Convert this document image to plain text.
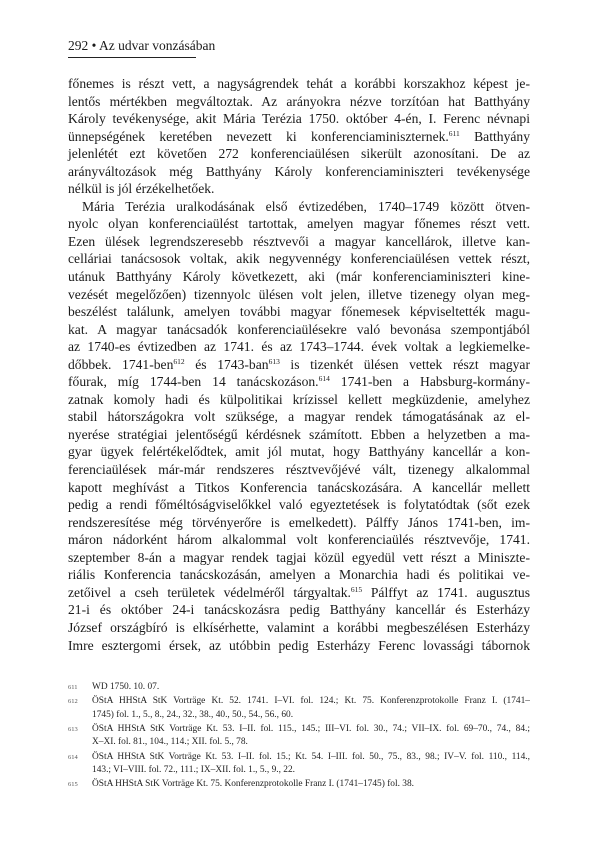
292 • Az udvar vonzásában
főnemes is részt vett, a nagyságrendek tehát a korábbi korszakhoz képest je-
lentős mértékben megváltoztak. Az arányokra nézve torzítóan hat Batthyány
Károly tevékenysége, akit Mária Terézia 1750. október 4-én, I. Ferenc névnapi
ünnepségének keretében nevezett ki konferenciaminiszternek.$^{611}$ Batthyány
jelenlétét ezt követően 272 konferenciaülésen sikerült azonosítani. De az
arányváltozások még Batthyány Károly konferenciaminiszteri tevékenysége
nélkül is jól érzékelhetőek.
Mária Terézia uralkodásának első évtizedében, 1740–1749 között ötven-
nyolc olyan konferenciaülést tartottak, amelyen magyar főnemes részt vett.
Ezen ülések legrendszeresebb résztvevői a magyar kancellárok, illetve kan-
celláriai tanácsosok voltak, akik negyvennégy konferenciaülésen vettek részt,
utánuk Batthyány Károly következett, aki (már konferenciaminiszteri kine-
vezését megelőzően) tizennyolc ülésen volt jelen, illetve tizenegy olyan meg-
beszélést találunk, amelyen további magyar főnemesek képviseltették magu-
kat. A magyar tanácsadók konferenciaülésekre való bevonása szempontjából
az 1740-es évtizedben az 1741. és az 1743–1744. évek voltak a legkiemelke-
dőbbek. 1741-ben$^{612}$ és 1743-ban$^{613}$ is tizenkét ülésen vettek részt magyar
főurak, míg 1744-ben 14 tanácskozáson.$^{614}$ 1741-ben a Habsburg-kormány-
zatnak komoly hadi és külpolitikai krízissel kellett megküzdenie, amelyhez
stabil hátországokra volt szüksége, a magyar rendek támogatásának az el-
nyerése stratégiai jelentőségű kérdésnek számított. Ebben a helyzetben a ma-
gyar ügyek felértékelődtek, amit jól mutat, hogy Batthyány kancellár a kon-
ferenciaülések már-már rendszeres résztvevőjévé vált, tizenegy alkalommal
kapott meghívást a Titkos Konferencia tanácskozására. A kancellár mellett
pedig a rendi főméltóságviselőkkel való egyeztetések is folytatódtak (sőt ezek
rendszeresítése még törvényerőre is emelkedett). Pálffy János 1741-ben, im-
máron nádorként három alkalommal volt konferenciaülés résztvevője, 1741.
szeptember 8-án a magyar rendek tagjai közül egyedül vett részt a Miniszte-
riális Konferencia tanácskozásán, amelyen a Monarchia hadi és politikai ve-
zetőivel a cseh területek védelméről tárgyaltak.$^{615}$ Pálffyt az 1741. augusztus
21-i és október 24-i tanácskozásra pedig Batthyány kancellár és Esterházy
József országbíró is elkísérhette, valamint a korábbi megbeszélésen Esterházy
Imre esztergomi érsek, az utóbbin pedig Esterházy Ferenc lovassági tábornok
611 WD 1750. 10. 07.
612 ÖStA HHStA StK Vorträge Kt. 52. 1741. I–VI. fol. 124.; Kt. 75. Konferenzprotokolle Franz I. (1741–
1745) fol. 1., 5., 8., 24., 32., 38., 40., 50., 54., 56., 60.
613 ÖStA HHStA StK Vorträge Kt. 53. I–II. fol. 115., 145.; III–VI. fol. 30., 74.; VII–IX. fol. 69–70., 74., 84.;
X–XI. fol. 81., 104., 114.; XII. fol. 5., 78.
614 ÖStA HHStA StK Vorträge Kt. 53. I–II. fol. 15.; Kt. 54. I–III. fol. 50., 75., 83., 98.; IV–V. fol. 110., 114.,
143.; VI–VIII. fol. 72., 111.; IX–XII. fol. 1., 5., 9., 22.
615 ÖStA HHStA StK Vorträge Kt. 75. Konferenzprotokolle Franz I. (1741–1745) fol. 38.
